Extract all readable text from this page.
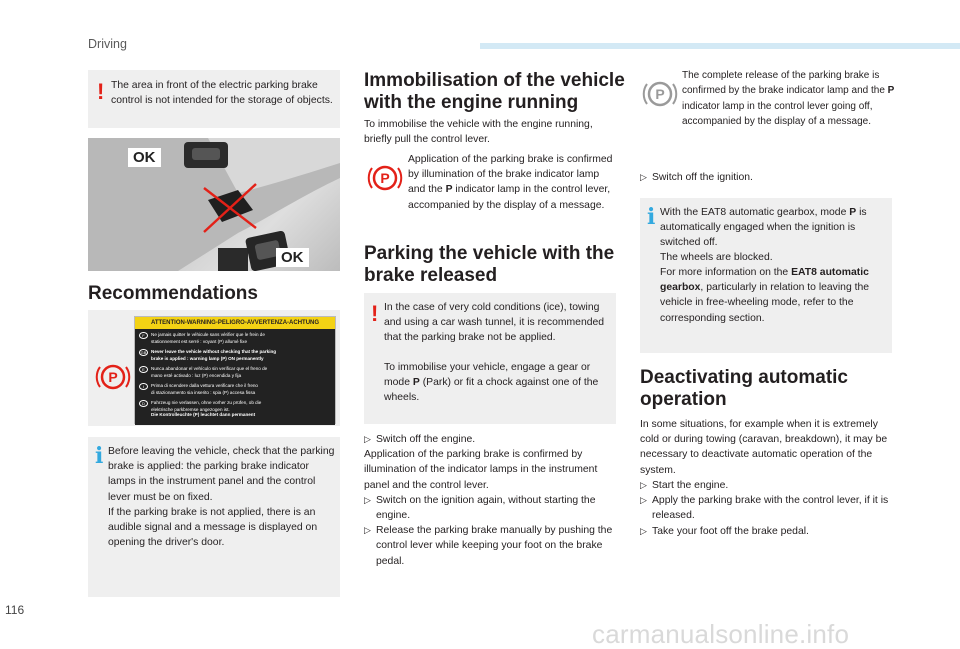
Driving
! The area in front of the electric parking brake control is not intended for the storage of objects.

OK
OK
Recommendations
P
ATTENTION-WARNING-PELIGRO-AVVERTENZA-ACHTUNG
F Ne jamais quitter le véhicule sans vérifier que le frein de
stationnement est serré : voyant (P) allumé fixe
GB Never leave the vehicle without checking that the parking
brake is applied : warning lamp (P) ON permanently
E Nunca abandonar el vehículo sin verificar que el freno de
mano esté activado : luz (P) encendida y fija
I Prima di scendere dalla vettura verificare che il freno
di stazionamento sia inserito : spia (P) accesa fissa
D Fahrzeug nie verlassen, ohne vorher zu prüfen, ob die
elektrische parkbremse angezogen ist.
Die Kontrolleuchte (P) leuchtet dann permanent
i Before leaving the vehicle, check that the parking brake is applied: the parking brake indicator lamps in the instrument panel and the control lever must be on fixed.

If the parking brake is not applied, there is an audible signal and a message is displayed on opening the driver's door.

Immobilisation of the vehicle
with the engine running

To immobilise the vehicle with the engine running, briefly pull the control lever.

P

Application of the parking brake is confirmed by illumination of the brake indicator lamp and the P indicator lamp in the control lever, accompanied by the display of a message.

Parking the vehicle with the
brake released
! In the case of very cold conditions (ice), towing and using a car wash tunnel, it is recommended that the parking brake not be applied.

To immobilise your vehicle, engage a gear or mode P (Park) or fit a chock against one of the wheels.

▷ Switch off the engine.
Application of the parking brake is confirmed by illumination of the indicator lamps in the instrument panel and the control lever.
▷ Switch on the ignition again, without starting the engine.
▷ Release the parking brake manually by pushing the control lever while keeping your foot on the brake pedal.
P

The complete release of the parking brake is confirmed by the brake indicator lamp and the P indicator lamp in the control lever going off, accompanied by the display of a message.

▷ Switch off the ignition.
i With the EAT8 automatic gearbox, mode P is automatically engaged when the ignition is switched off.

The wheels are blocked.

For more information on the EAT8 automatic gearbox, particularly in relation to leaving the vehicle in free-wheeling mode, refer to the corresponding section.

Deactivating automatic
operation

In some situations, for example when it is extremely cold or during towing (caravan, breakdown), it may be necessary to deactivate automatic operation of the system.

▷ Start the engine.
▷ Apply the parking brake with the control lever, if it is released.
▷ Take your foot off the brake pedal.
116
carmanualsonline.info
